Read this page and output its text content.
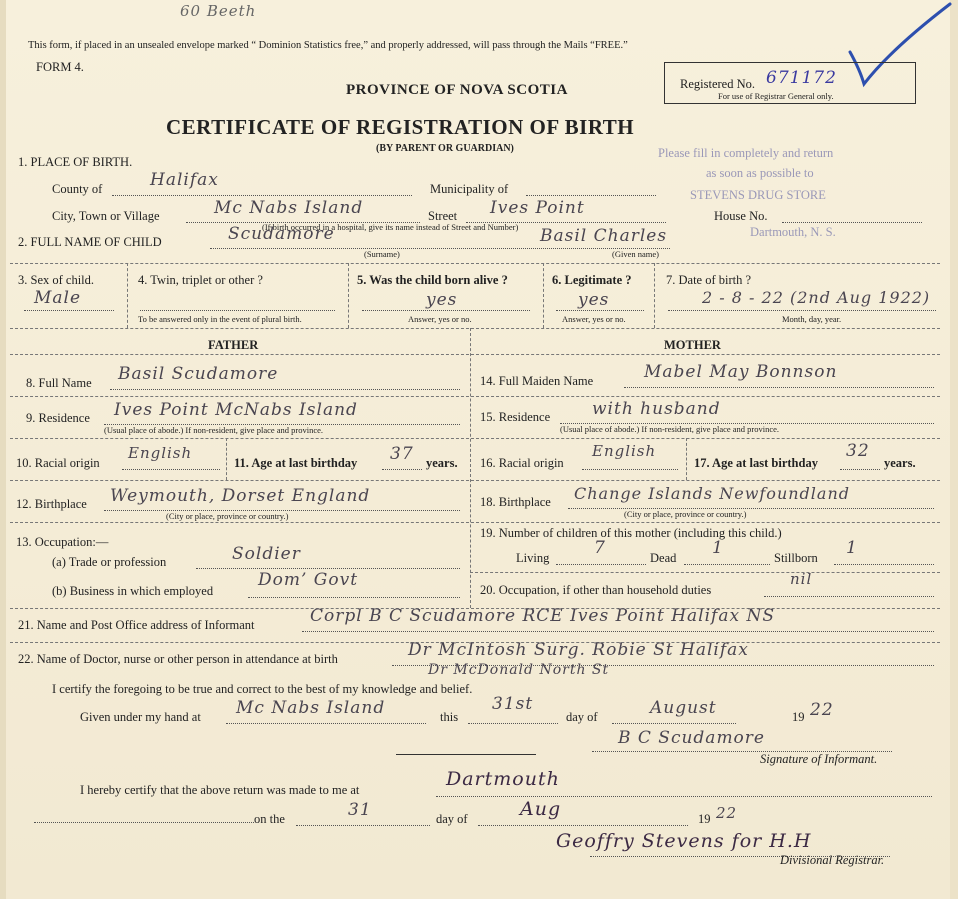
60 Beeth
This form, if placed in an unsealed envelope marked “ Dominion Statistics free,” and properly addressed, will pass through the Mails “FREE.”
FORM 4.
Registered No. 671172
For use of Registrar General only.
PROVINCE OF NOVA SCOTIA
CERTIFICATE OF REGISTRATION OF BIRTH
(BY PARENT OR GUARDIAN)	Please fill in completely and return
as soon as possible to
STEVENS DRUG STORE
Dartmouth, N. S.
1. PLACE OF BIRTH.
County of	Halifax	Municipality of
City, Town or Village	Mc Nabs Island	Street Ives Point	House No.
(If birth occurred in a hospital, give its name instead of Street and Number)
2. FULL NAME OF CHILD	Scudamore	Basil Charles
(Surname)	(Given name)
3. Sex of child.
Male
4. Twin, triplet or other ?
To be answered only in the event of plural birth.
5. Was the child born alive ?
yes
Answer, yes or no.
6. Legitimate ?
yes
Answer, yes or no.
7. Date of birth ?
2 - 8 - 22 (2nd Aug 1922)
Month, day, year.
FATHER	MOTHER
8. Full Name Basil Scudamore
9. Residence Ives Point McNabs Island
(Usual place of abode.) If non-resident, give place and province.
10. Racial origin
English
11. Age at last birthday 37 years.
12. Birthplace Weymouth, Dorset England
(City or place, province or country.)
13. Occupation:—
(a) Trade or profession	Soldier
(b) Business in which employed
Dom’ Govt
14. Full Maiden Name	Mabel May Bonnson
15. Residence with husband
(Usual place of abode.) If non-resident, give place and province.
16. Racial origin
English
17. Age at last birthday
32
years.
18. Birthplace Change Islands Newfoundland
(City or place, province or country.)
19. Number of children of this mother (including this child.)
Living	7	Dead 1	Stillborn 1
20. Occupation, if other than household duties
nil
21. Name and Post Office address of Informant	Corpl B C Scudamore RCE Ives Point Halifax NS
22. Name of Doctor, nurse or other person in attendance at birth	Dr McIntosh Surg. Robie St Halifax
Dr McDonald North St
I certify the foregoing to be true and correct to the best of my knowledge and belief.
Given under my hand at Mc Nabs Island	this
31st
day of	August	19 22
B C Scudamore
Signature of Informant.
I hereby certify that the above return was made to me at	Dartmouth
on the	31	day of	Aug	19 22
Geoffry Stevens for H.H
Divisional Registrar.
